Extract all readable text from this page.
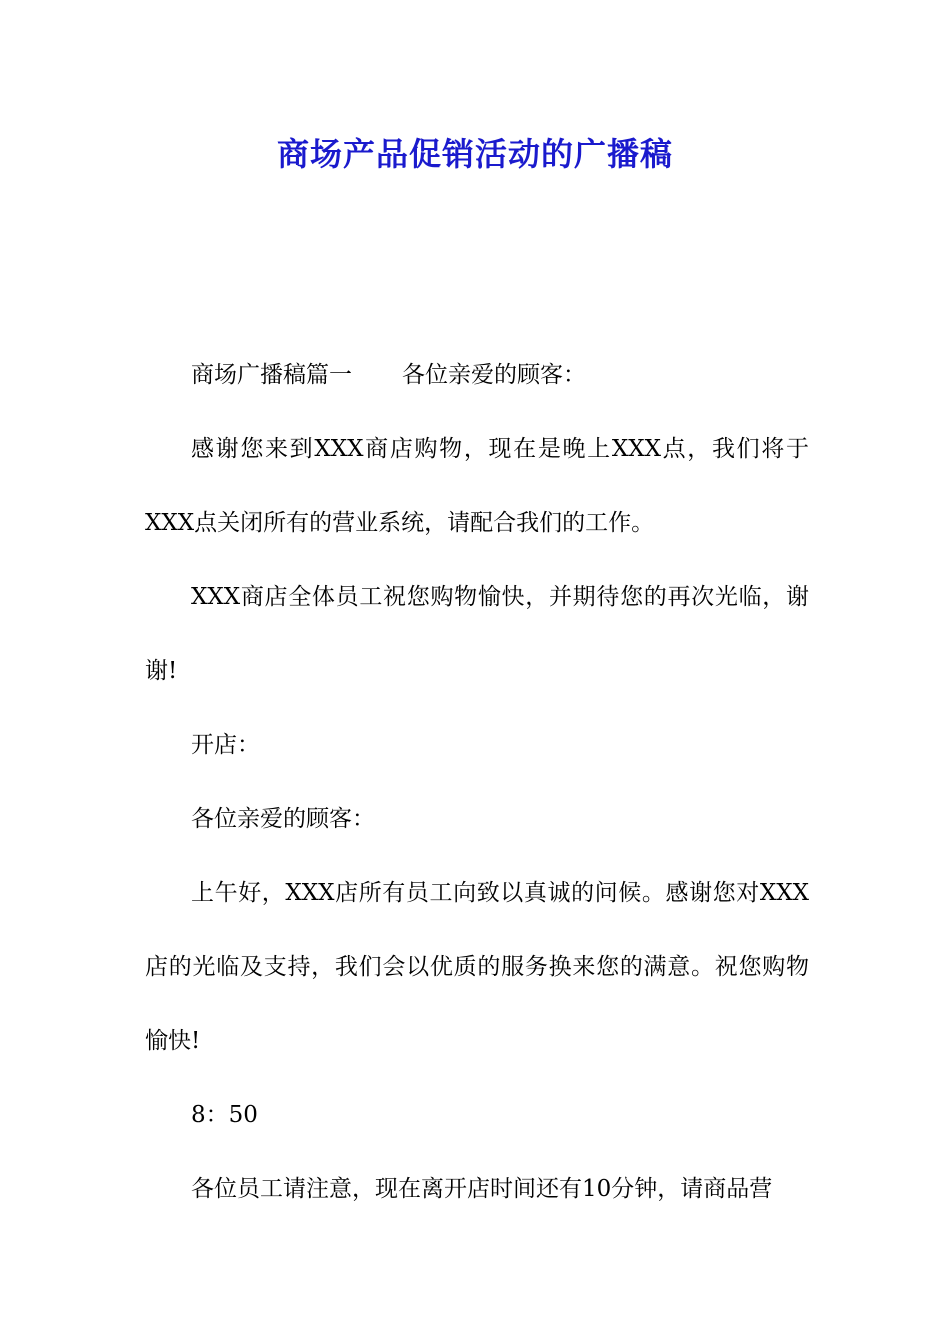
商场产品促销活动的广播稿

商场广播稿篇一 各位亲爱的顾客：

感谢您来到XXX商店购物，现在是晚上XXX点，我们将于XXX点关闭所有的营业系统，请配合我们的工作。

XXX商店全体员工祝您购物愉快，并期待您的再次光临，谢谢!

开店：

各位亲爱的顾客：

上午好，XXX店所有员工向致以真诚的问候。感谢您对XXX店的光临及支持，我们会以优质的服务换来您的满意。祝您购物愉快!

8：50

各位员工请注意，现在离开店时间还有10分钟，请商品营
